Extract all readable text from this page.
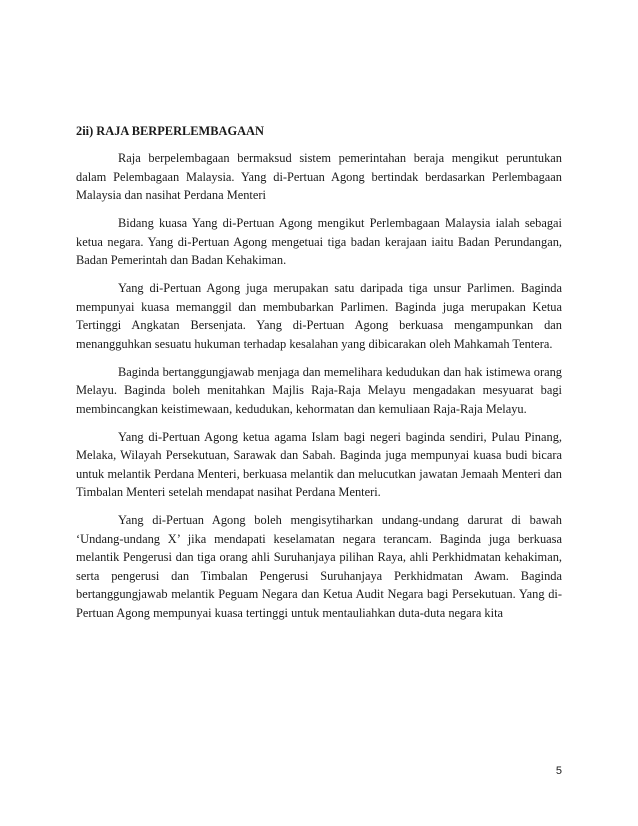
2ii) RAJA BERPERLEMBAGAAN

Raja berpelembagaan bermaksud sistem pemerintahan beraja mengikut peruntukan dalam Pelembagaan Malaysia. Yang di-Pertuan Agong bertindak berdasarkan Perlembagaan Malaysia dan nasihat Perdana Menteri

Bidang kuasa Yang di-Pertuan Agong mengikut Perlembagaan Malaysia ialah sebagai ketua negara. Yang di-Pertuan Agong mengetuai tiga badan kerajaan iaitu Badan Perundangan, Badan Pemerintah dan Badan Kehakiman.

Yang di-Pertuan Agong juga merupakan satu daripada tiga unsur Parlimen. Baginda mempunyai kuasa memanggil dan membubarkan Parlimen. Baginda juga merupakan Ketua Tertinggi Angkatan Bersenjata. Yang di-Pertuan Agong berkuasa mengampunkan dan menangguhkan sesuatu hukuman terhadap kesalahan yang dibicarakan oleh Mahkamah Tentera.

Baginda bertanggungjawab menjaga dan memelihara kedudukan dan hak istimewa orang Melayu. Baginda boleh menitahkan Majlis Raja-Raja Melayu mengadakan mesyuarat bagi membincangkan keistimewaan, kedudukan, kehormatan dan kemuliaan Raja-Raja Melayu.

Yang di-Pertuan Agong ketua agama Islam bagi negeri baginda sendiri, Pulau Pinang, Melaka, Wilayah Persekutuan, Sarawak dan Sabah. Baginda juga mempunyai kuasa budi bicara untuk melantik Perdana Menteri, berkuasa melantik dan melucutkan jawatan Jemaah Menteri dan Timbalan Menteri setelah mendapat nasihat Perdana Menteri.

Yang di-Pertuan Agong boleh mengisytiharkan undang-undang darurat di bawah ‘Undang-undang X’ jika mendapati keselamatan negara terancam. Baginda juga berkuasa melantik Pengerusi dan tiga orang ahli Suruhanjaya pilihan Raya, ahli Perkhidmatan kehakiman, serta pengerusi dan Timbalan Pengerusi Suruhanjaya Perkhidmatan Awam. Baginda bertanggungjawab melantik Peguam Negara dan Ketua Audit Negara bagi Persekutuan. Yang di-Pertuan Agong mempunyai kuasa tertinggi untuk mentauliahkan duta-duta negara kita

5
